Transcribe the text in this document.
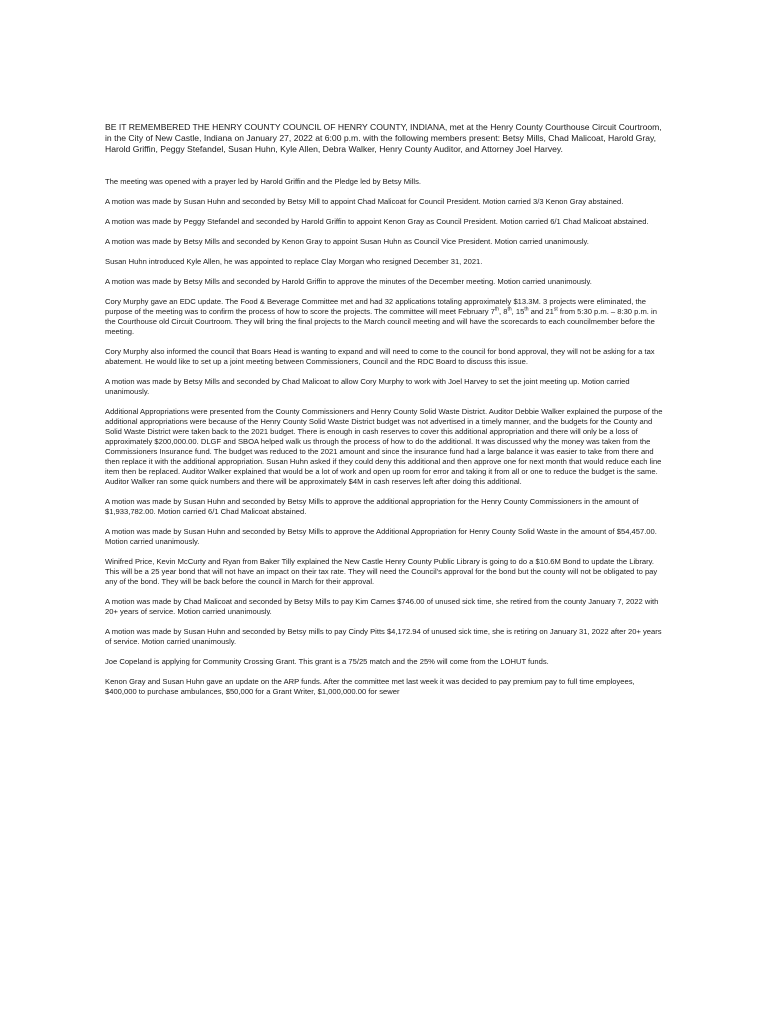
BE IT REMEMBERED THE HENRY COUNTY COUNCIL OF HENRY COUNTY, INDIANA, met at the Henry County Courthouse Circuit Courtroom, in the City of New Castle, Indiana on January 27, 2022 at 6:00 p.m. with the following members present: Betsy Mills, Chad Malicoat, Harold Gray, Harold Griffin, Peggy Stefandel, Susan Huhn, Kyle Allen, Debra Walker, Henry County Auditor, and Attorney Joel Harvey.

The meeting was opened with a prayer led by Harold Griffin and the Pledge led by Betsy Mills.

A motion was made by Susan Huhn and seconded by Betsy Mill to appoint Chad Malicoat for Council President. Motion carried 3/3 Kenon Gray abstained.

A motion was made by Peggy Stefandel and seconded by Harold Griffin to appoint Kenon Gray as Council President. Motion carried 6/1 Chad Malicoat abstained.

A motion was made by Betsy Mills and seconded by Kenon Gray to appoint Susan Huhn as Council Vice President. Motion carried unanimously.

Susan Huhn introduced Kyle Allen, he was appointed to replace Clay Morgan who resigned December 31, 2021.

A motion was made by Betsy Mills and seconded by Harold Griffin to approve the minutes of the December meeting. Motion carried unanimously.

Cory Murphy gave an EDC update. The Food & Beverage Committee met and had 32 applications totaling approximately $13.3M. 3 projects were eliminated, the purpose of the meeting was to confirm the process of how to score the projects. The committee will meet February 7th, 8th, 15th and 21st from 5:30 p.m. – 8:30 p.m. in the Courthouse old Circuit Courtroom. They will bring the final projects to the March council meeting and will have the scorecards to each councilmember before the meeting.

Cory Murphy also informed the council that Boars Head is wanting to expand and will need to come to the council for bond approval, they will not be asking for a tax abatement. He would like to set up a joint meeting between Commissioners, Council and the RDC Board to discuss this issue.

A motion was made by Betsy Mills and seconded by Chad Malicoat to allow Cory Murphy to work with Joel Harvey to set the joint meeting up. Motion carried unanimously.

Additional Appropriations were presented from the County Commissioners and Henry County Solid Waste District. Auditor Debbie Walker explained the purpose of the additional appropriations were because of the Henry County Solid Waste District budget was not advertised in a timely manner, and the budgets for the County and Solid Waste District were taken back to the 2021 budget. There is enough in cash reserves to cover this additional appropriation and there will only be a loss of approximately $200,000.00. DLGF and SBOA helped walk us through the process of how to do the additional. It was discussed why the money was taken from the Commissioners Insurance fund. The budget was reduced to the 2021 amount and since the insurance fund had a large balance it was easier to take from there and then replace it with the additional appropriation. Susan Huhn asked if they could deny this additional and then approve one for next month that would reduce each line item then be replaced. Auditor Walker explained that would be a lot of work and open up room for error and taking it from all or one to reduce the budget is the same. Auditor Walker ran some quick numbers and there will be approximately $4M in cash reserves left after doing this additional.

A motion was made by Susan Huhn and seconded by Betsy Mills to approve the additional appropriation for the Henry County Commissioners in the amount of $1,933,782.00. Motion carried 6/1 Chad Malicoat abstained.

A motion was made by Susan Huhn and seconded by Betsy Mills to approve the Additional Appropriation for Henry County Solid Waste in the amount of $54,457.00. Motion carried unanimously.

Winifred Price, Kevin McCurty and Ryan from Baker Tilly explained the New Castle Henry County Public Library is going to do a $10.6M Bond to update the Library. This will be a 25 year bond that will not have an impact on their tax rate. They will need the Council's approval for the bond but the county will not be obligated to pay any of the bond. They will be back before the council in March for their approval.

A motion was made by Chad Malicoat and seconded by Betsy Mills to pay Kim Carnes $746.00 of unused sick time, she retired from the county January 7, 2022 with 20+ years of service. Motion carried unanimously.

A motion was made by Susan Huhn and seconded by Betsy mills to pay Cindy Pitts $4,172.94 of unused sick time, she is retiring on January 31, 2022 after 20+ years of service. Motion carried unanimously.

Joe Copeland is applying for Community Crossing Grant. This grant is a 75/25 match and the 25% will come from the LOHUT funds.

Kenon Gray and Susan Huhn gave an update on the ARP funds. After the committee met last week it was decided to pay premium pay to full time employees, $400,000 to purchase ambulances, $50,000 for a Grant Writer, $1,000,000.00 for sewer
